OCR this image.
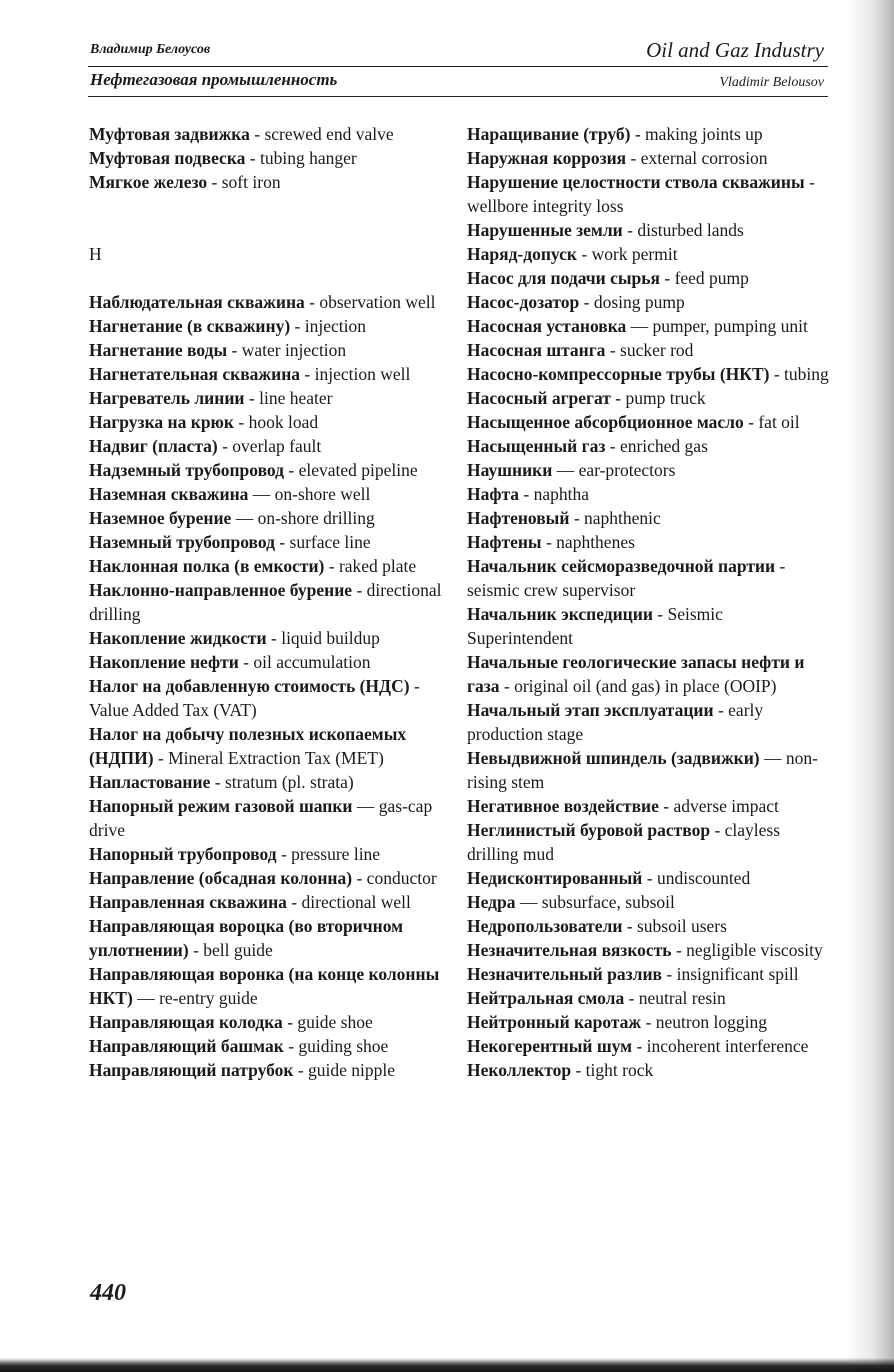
Владимир Белоусов
Нефтегазовая промышленность
Oil and Gaz Industry
Vladimir Belousov

Муфтовая задвижка - screwed end valve

Муфтовая подвеска - tubing hanger

Мягкое железо - soft iron

Н

Наблюдательная скважина - observation well

Нагнетание (в скважину) - injection

Нагнетание воды - water injection

Нагнетательная скважина - injection well

Нагреватель линии - line heater

Нагрузка на крюк - hook load

Надвиг (пласта) - overlap fault

Надземный трубопровод - elevated pipeline

Наземная скважина — on-shore well

Наземное бурение — on-shore drilling

Наземный трубопровод - surface line

Наклонная полка (в емкости) - raked plate

Наклонно-направленное бурение - directional drilling

Накопление жидкости - liquid buildup

Накопление нефти - oil accumulation

Налог на добавленную стоимость (НДС) - Value Added Tax (VAT)

Налог на добычу полезных ископаемых (НДПИ) - Mineral Extraction Tax (MET)

Напластование - stratum (pl. strata)

Напорный режим газовой шапки — gas-cap drive

Напорный трубопровод - pressure line

Направление (обсадная колонна) - conductor

Направленная скважина - directional well

Направляющая вороцка (во вторичном уплотнении) - bell guide

Направляющая воронка (на конце колонны НКТ) — re-entry guide

Направляющая колодка - guide shoe

Направляющий башмак - guiding shoe

Направляющий патрубок - guide nipple

Наращивание (труб) - making joints up

Наружная коррозия - external corrosion

Нарушение целостности ствола скважины - wellbore integrity loss

Нарушенные земли - disturbed lands

Наряд-допуск - work permit

Насос для подачи сырья - feed pump

Насос-дозатор - dosing pump

Насосная установка — pumper, pumping unit

Насосная штанга - sucker rod

Насосно-компрессорные трубы (НКТ) - tubing

Насосный агрегат - pump truck

Насыщенное абсорбционное масло - fat oil

Насыщенный газ - enriched gas

Наушники — ear-protectors

Нафта - naphtha

Нафтеновый - naphthenic

Нафтены - naphthenes

Начальник сейсморазведочной партии - seismic crew supervisor

Начальник экспедиции - Seismic Superintendent

Начальные геологические запасы нефти и газа - original oil (and gas) in place (OOIP)

Начальный этап эксплуатации - early production stage

Невыдвижной шпиндель (задвижки) — non-rising stem

Негативное воздействие - adverse impact

Неглинистый буровой раствор - clayless drilling mud

Недисконтированный - undiscounted

Недра — subsurface, subsoil

Недропользователи - subsoil users

Незначительная вязкость - negligible viscosity

Незначительный разлив - insignificant spill

Нейтральная смола - neutral resin

Нейтронный каротаж - neutron logging

Некогерентный шум - incoherent interference

Неколлектор - tight rock

440
